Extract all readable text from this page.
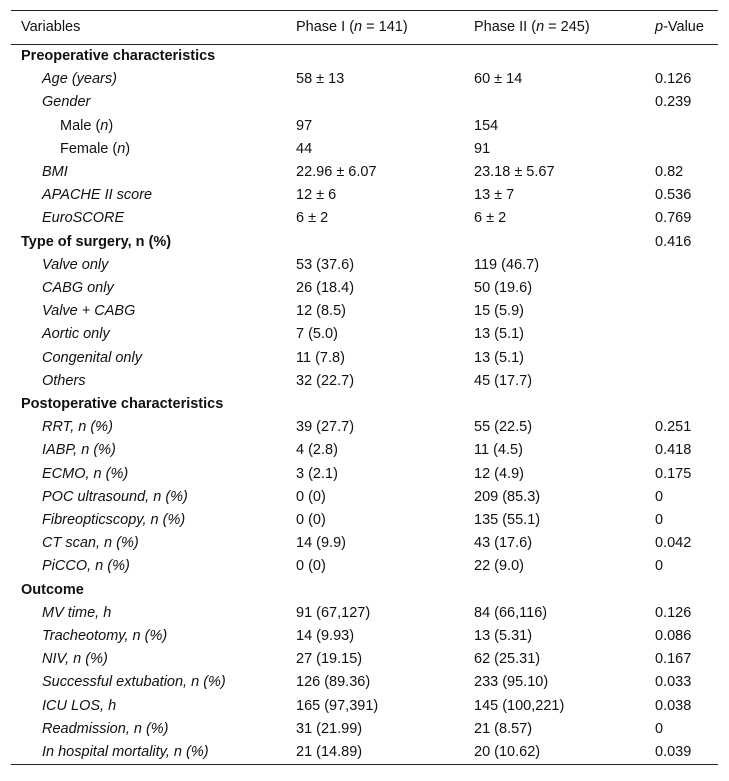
Variables	Phase I (n = 141)	Phase II (n = 245)	p-Value
Preoperative characteristics			
Age (years)	58 ± 13	60 ± 14	0.126
Gender			0.239
Male (n)	97	154	
Female (n)	44	91	
BMI	22.96 ± 6.07	23.18 ± 5.67	0.82
APACHE II score	12 ± 6	13 ± 7	0.536
EuroSCORE	6 ± 2	6 ± 2	0.769
Type of surgery, n (%)			0.416
Valve only	53 (37.6)	119 (46.7)	
CABG only	26 (18.4)	50 (19.6)	
Valve + CABG	12 (8.5)	15 (5.9)	
Aortic only	7 (5.0)	13 (5.1)	
Congenital only	11 (7.8)	13 (5.1)	
Others	32 (22.7)	45 (17.7)	
Postoperative characteristics			
RRT, n (%)	39 (27.7)	55 (22.5)	0.251
IABP, n (%)	4 (2.8)	11 (4.5)	0.418
ECMO, n (%)	3 (2.1)	12 (4.9)	0.175
POC ultrasound, n (%)	0 (0)	209 (85.3)	0
Fibreopticscopy, n (%)	0 (0)	135 (55.1)	0
CT scan, n (%)	14 (9.9)	43 (17.6)	0.042
PiCCO, n (%)	0 (0)	22 (9.0)	0
Outcome			
MV time, h	91 (67,127)	84 (66,116)	0.126
Tracheotomy, n (%)	14 (9.93)	13 (5.31)	0.086
NIV, n (%)	27 (19.15)	62 (25.31)	0.167
Successful extubation, n (%)	126 (89.36)	233 (95.10)	0.033
ICU LOS, h	165 (97,391)	145 (100,221)	0.038
Readmission, n (%)	31 (21.99)	21 (8.57)	0
In hospital mortality, n (%)	21 (14.89)	20 (10.62)	0.039
